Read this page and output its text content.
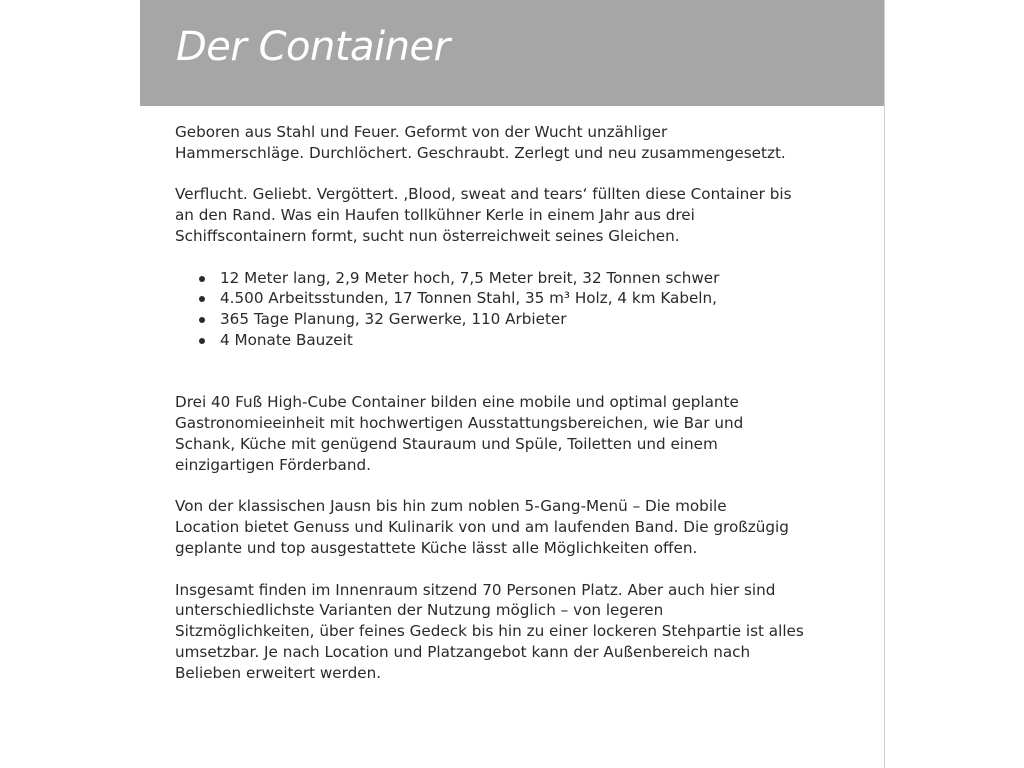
Der Container

Geboren aus Stahl und Feuer. Geformt von der Wucht unzähliger
Hammerschläge. Durchlöchert. Geschraubt. Zerlegt und neu zusammengesetzt.

Verflucht. Geliebt. Vergöttert. ‚Blood, sweat and tears‘ füllten diese Container bis
an den Rand. Was ein Haufen tollkühner Kerle in einem Jahr aus drei
Schiffscontainern formt, sucht nun österreichweit seines Gleichen.

12 Meter lang, 2,9 Meter hoch, 7,5 Meter breit, 32 Tonnen schwer
4.500 Arbeitsstunden, 17 Tonnen Stahl, 35 m³ Holz, 4 km Kabeln,
365 Tage Planung, 32 Gerwerke, 110 Arbieter
4 Monate Bauzeit

Drei 40 Fuß High-Cube Container bilden eine mobile und optimal geplante
Gastronomieeinheit mit hochwertigen Ausstattungsbereichen, wie Bar und
Schank, Küche mit genügend Stauraum und Spüle, Toiletten und einem
einzigartigen Förderband.

Von der klassischen Jausn bis hin zum noblen 5-Gang-Menü – Die mobile
Location bietet Genuss und Kulinarik von und am laufenden Band. Die großzügig
geplante und top ausgestattete Küche lässt alle Möglichkeiten offen.

Insgesamt finden im Innenraum sitzend 70 Personen Platz. Aber auch hier sind
unterschiedlichste Varianten der Nutzung möglich – von legeren
Sitzmöglichkeiten, über feines Gedeck bis hin zu einer lockeren Stehpartie ist alles
umsetzbar. Je nach Location und Platzangebot kann der Außenbereich nach
Belieben erweitert werden.
